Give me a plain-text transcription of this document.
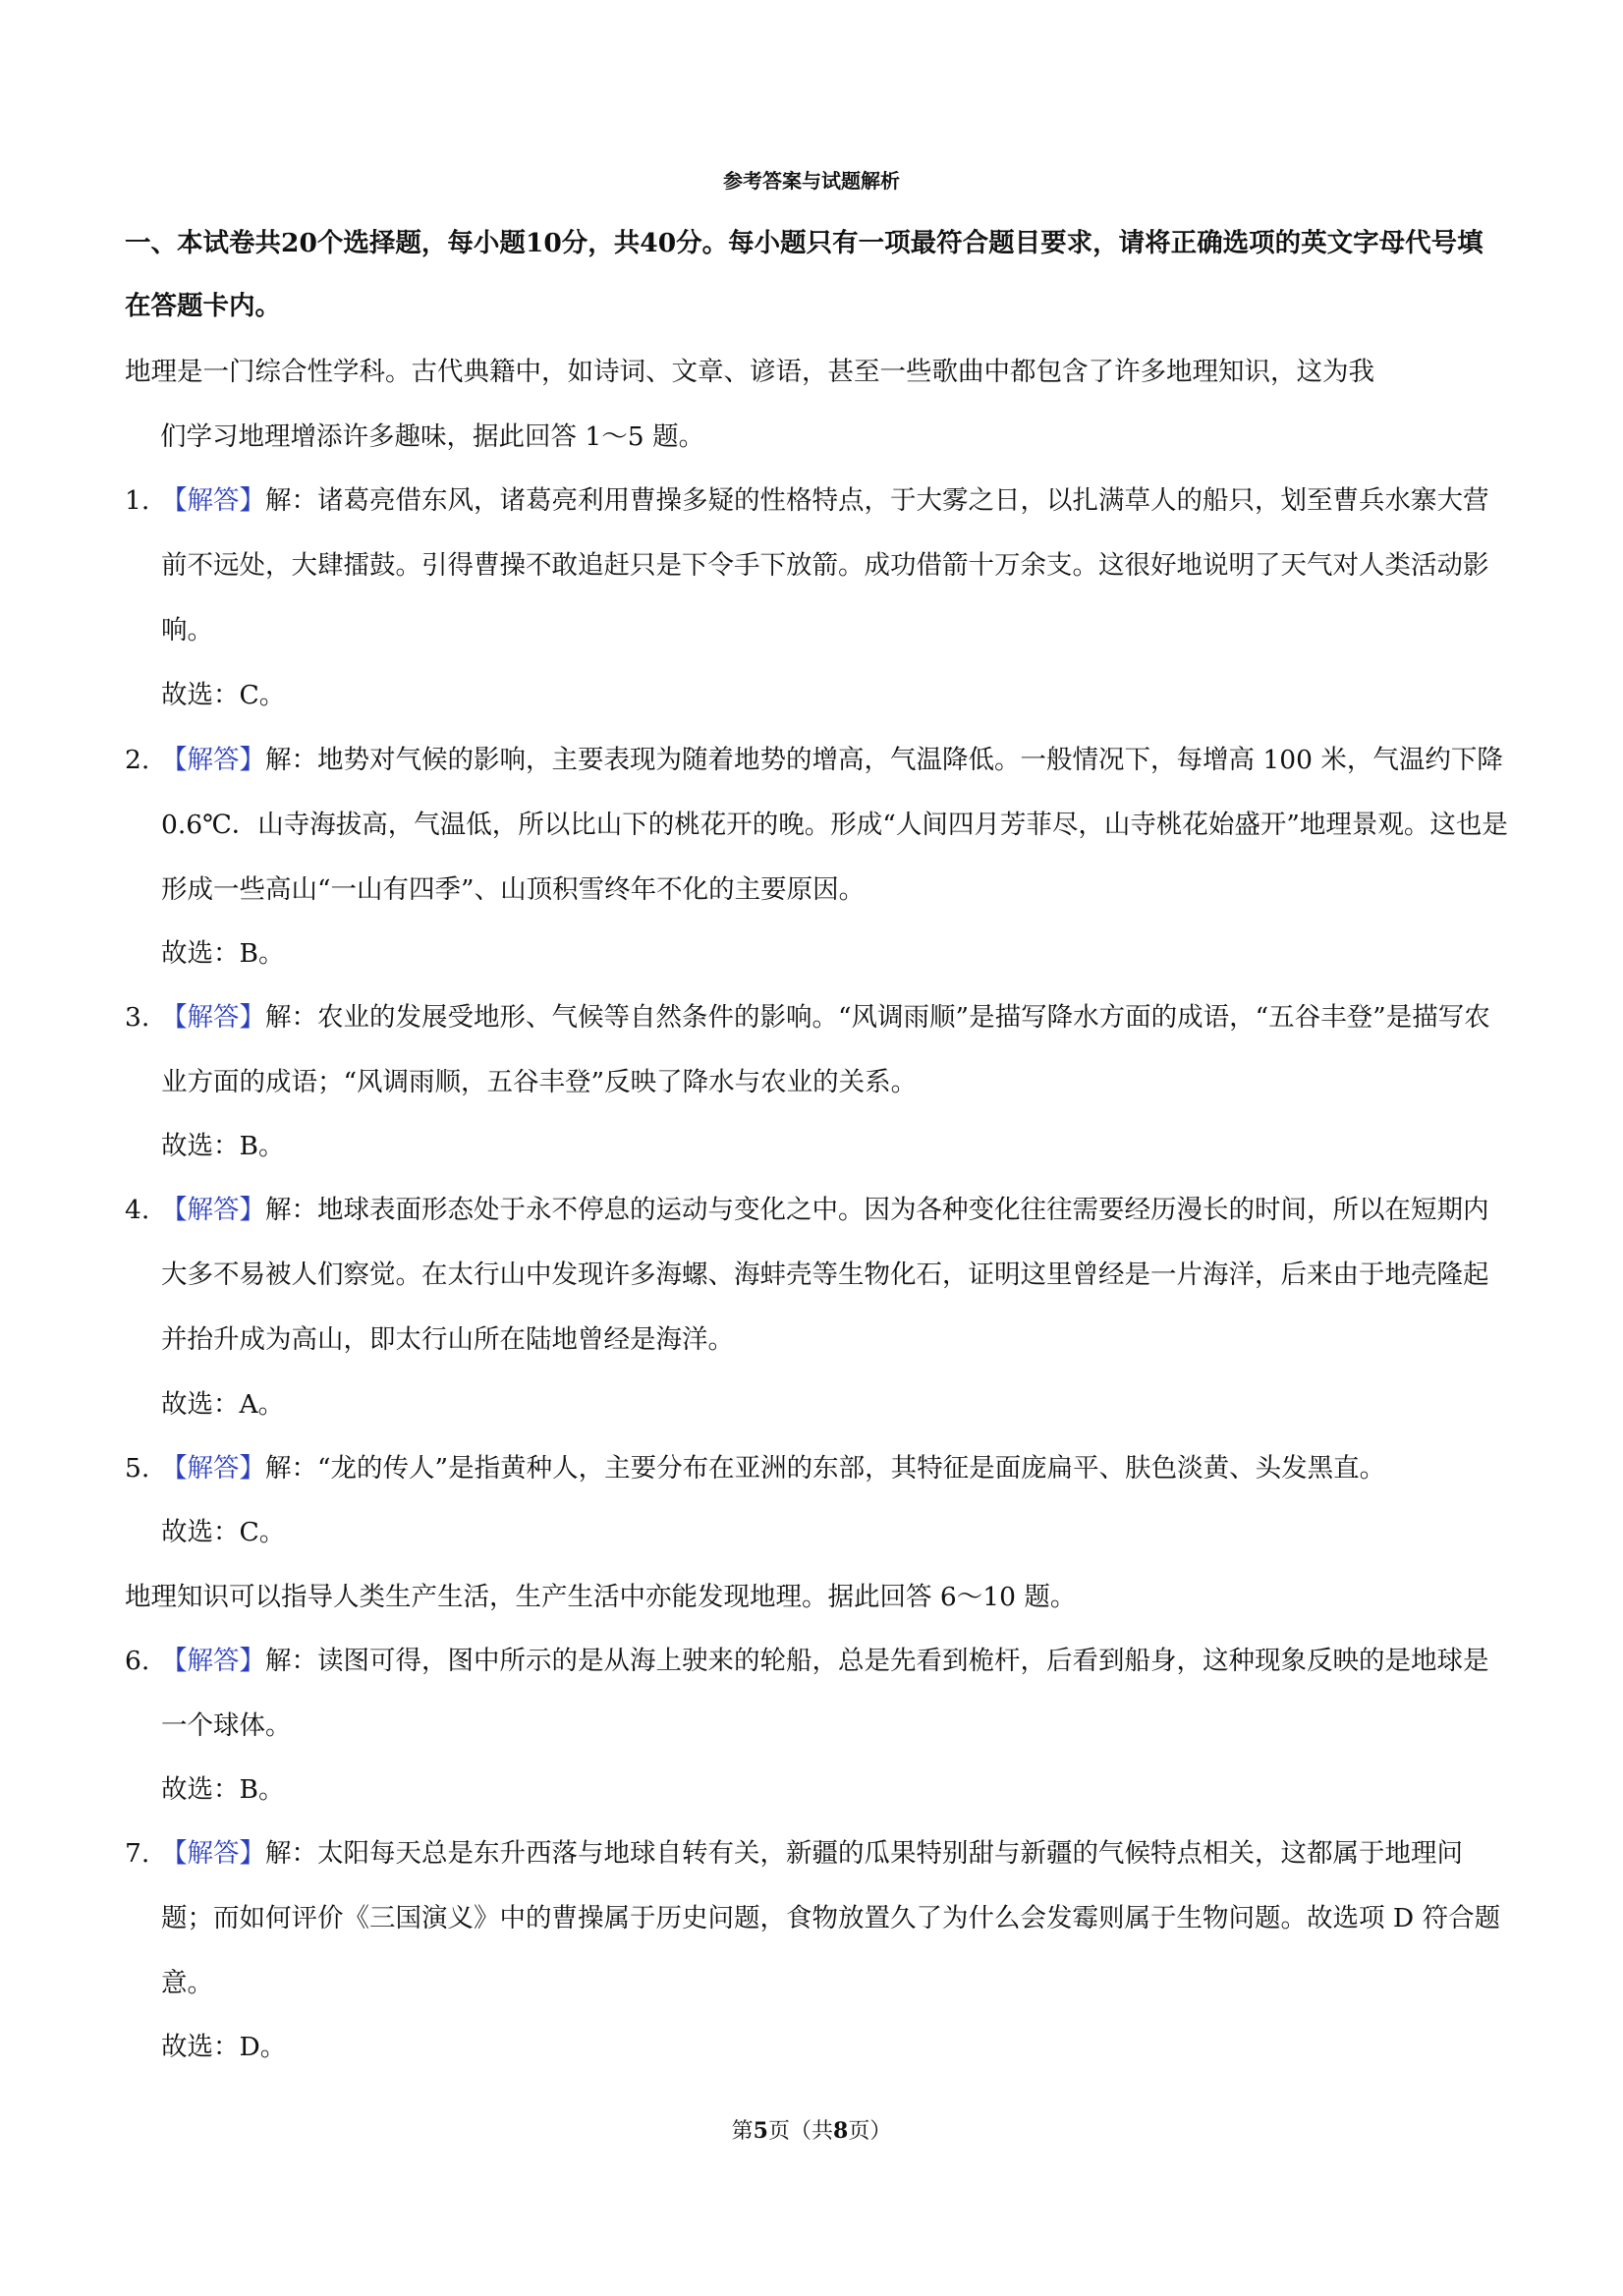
参考答案与试题解析
一、本试卷共20个选择题，每小题10分，共40分。每小题只有一项最符合题目要求，请将正确选项的英文字母代号填在答题卡内。
地理是一门综合性学科。古代典籍中，如诗词、文章、谚语，甚至一些歌曲中都包含了许多地理知识，这为我
们学习地理增添许多趣味，据此回答 1～5 题。
1. 【解答】解：诸葛亮借东风，诸葛亮利用曹操多疑的性格特点，于大雾之日，以扎满草人的船只，划至曹兵水寨大营前不远处，大肆擂鼓。引得曹操不敢追赶只是下令手下放箭。成功借箭十万余支。这很好地说明了天气对人类活动影响。
故选：C。
2. 【解答】解：地势对气候的影响，主要表现为随着地势的增高，气温降低。一般情况下，每增高 100 米，气温约下降 0.6℃．山寺海拔高，气温低，所以比山下的桃花开的晚。形成“人间四月芳菲尽，山寺桃花始盛开”地理景观。这也是形成一些高山“一山有四季”、山顶积雪终年不化的主要原因。
故选：B。
3. 【解答】解：农业的发展受地形、气候等自然条件的影响。“风调雨顺”是描写降水方面的成语，“五谷丰登”是描写农业方面的成语；“风调雨顺，五谷丰登”反映了降水与农业的关系。
故选：B。
4. 【解答】解：地球表面形态处于永不停息的运动与变化之中。因为各种变化往往需要经历漫长的时间，所以在短期内大多不易被人们察觉。在太行山中发现许多海螺、海蚌壳等生物化石，证明这里曾经是一片海洋，后来由于地壳隆起并抬升成为高山，即太行山所在陆地曾经是海洋。
故选：A。
5. 【解答】解：“龙的传人”是指黄种人，主要分布在亚洲的东部，其特征是面庞扁平、肤色淡黄、头发黑直。
故选：C。
地理知识可以指导人类生产生活，生产生活中亦能发现地理。据此回答 6～10 题。
6. 【解答】解：读图可得，图中所示的是从海上驶来的轮船，总是先看到桅杆，后看到船身，这种现象反映的是地球是一个球体。
故选：B。
7. 【解答】解：太阳每天总是东升西落与地球自转有关，新疆的瓜果特别甜与新疆的气候特点相关，这都属于地理问题；而如何评价《三国演义》中的曹操属于历史问题，食物放置久了为什么会发霉则属于生物问题。故选项 D 符合题意。
故选：D。
第5页（共8页）
